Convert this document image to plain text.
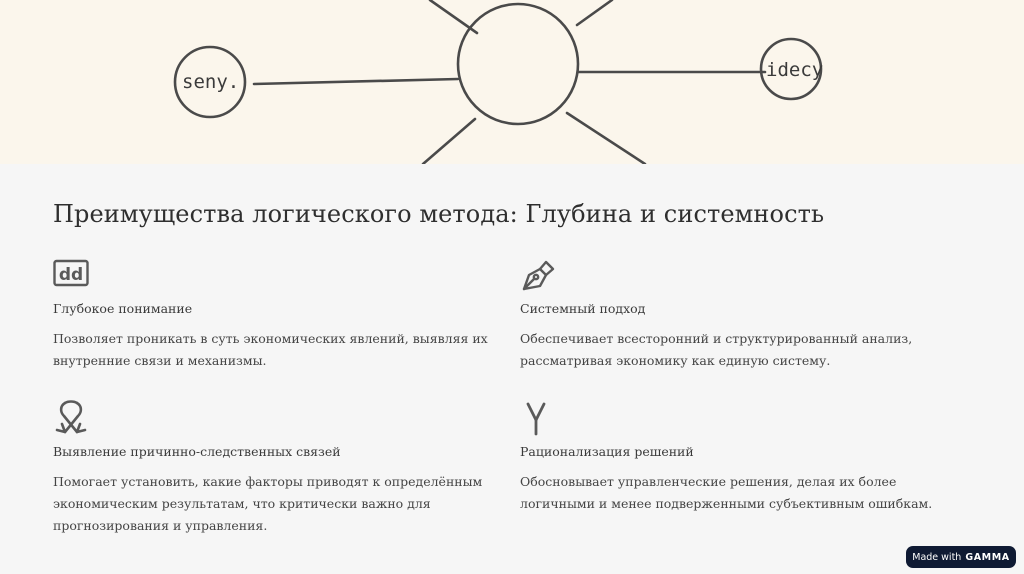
seny.
idecy
Преимущества логического метода: Глубина и системность
dd
Глубокое понимание
Позволяет проникать в суть экономических явлений, выявляя их внутренние связи и механизмы.
Системный подход
Обеспечивает всесторонний и структурированный анализ, рассматривая экономику как единую систему.
Выявление причинно-следственных связей
Помогает установить, какие факторы приводят к определённым экономическим результатам, что критически важно для прогнозирования и управления.
Рационализация решений
Обосновывает управленческие решения, делая их более логичными и менее подверженными субъективным ошибкам.
Made with GAMMA
